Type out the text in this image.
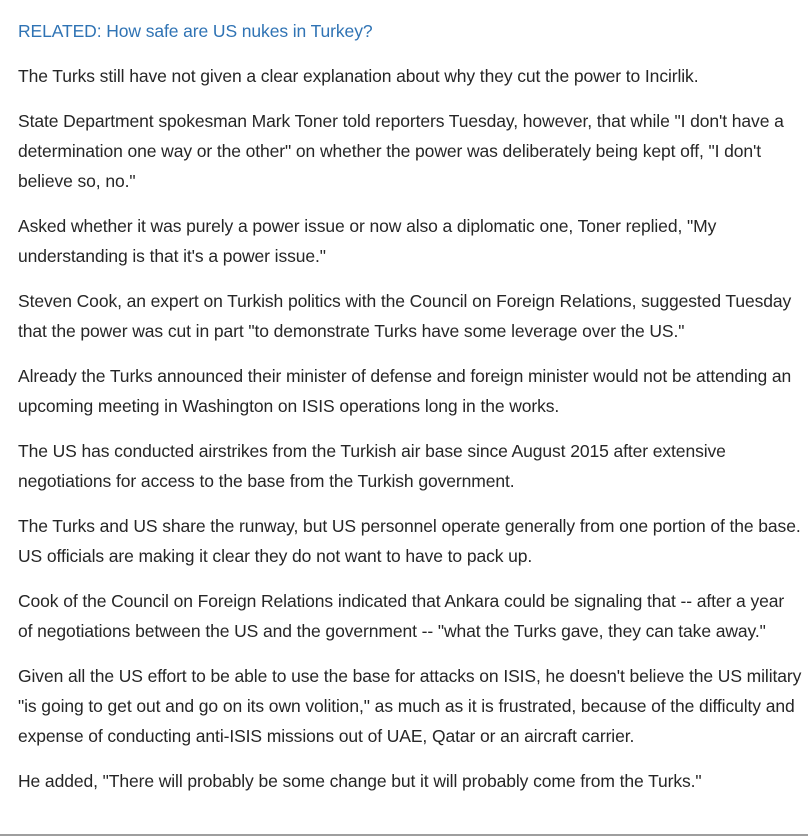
RELATED: How safe are US nukes in Turkey?

The Turks still have not given a clear explanation about why they cut the power to Incirlik.

State Department spokesman Mark Toner told reporters Tuesday, however, that while "I don't have a determination one way or the other" on whether the power was deliberately being kept off, "I don't believe so, no."

Asked whether it was purely a power issue or now also a diplomatic one, Toner replied, "My understanding is that it's a power issue."

Steven Cook, an expert on Turkish politics with the Council on Foreign Relations, suggested Tuesday that the power was cut in part "to demonstrate Turks have some leverage over the US."

Already the Turks announced their minister of defense and foreign minister would not be attending an upcoming meeting in Washington on ISIS operations long in the works.

The US has conducted airstrikes from the Turkish air base since August 2015 after extensive negotiations for access to the base from the Turkish government.

The Turks and US share the runway, but US personnel operate generally from one portion of the base. US officials are making it clear they do not want to have to pack up.

Cook of the Council on Foreign Relations indicated that Ankara could be signaling that -- after a year of negotiations between the US and the government -- "what the Turks gave, they can take away."

Given all the US effort to be able to use the base for attacks on ISIS, he doesn't believe the US military "is going to get out and go on its own volition," as much as it is frustrated, because of the difficulty and expense of conducting anti-ISIS missions out of UAE, Qatar or an aircraft carrier.

He added, "There will probably be some change but it will probably come from the Turks."
